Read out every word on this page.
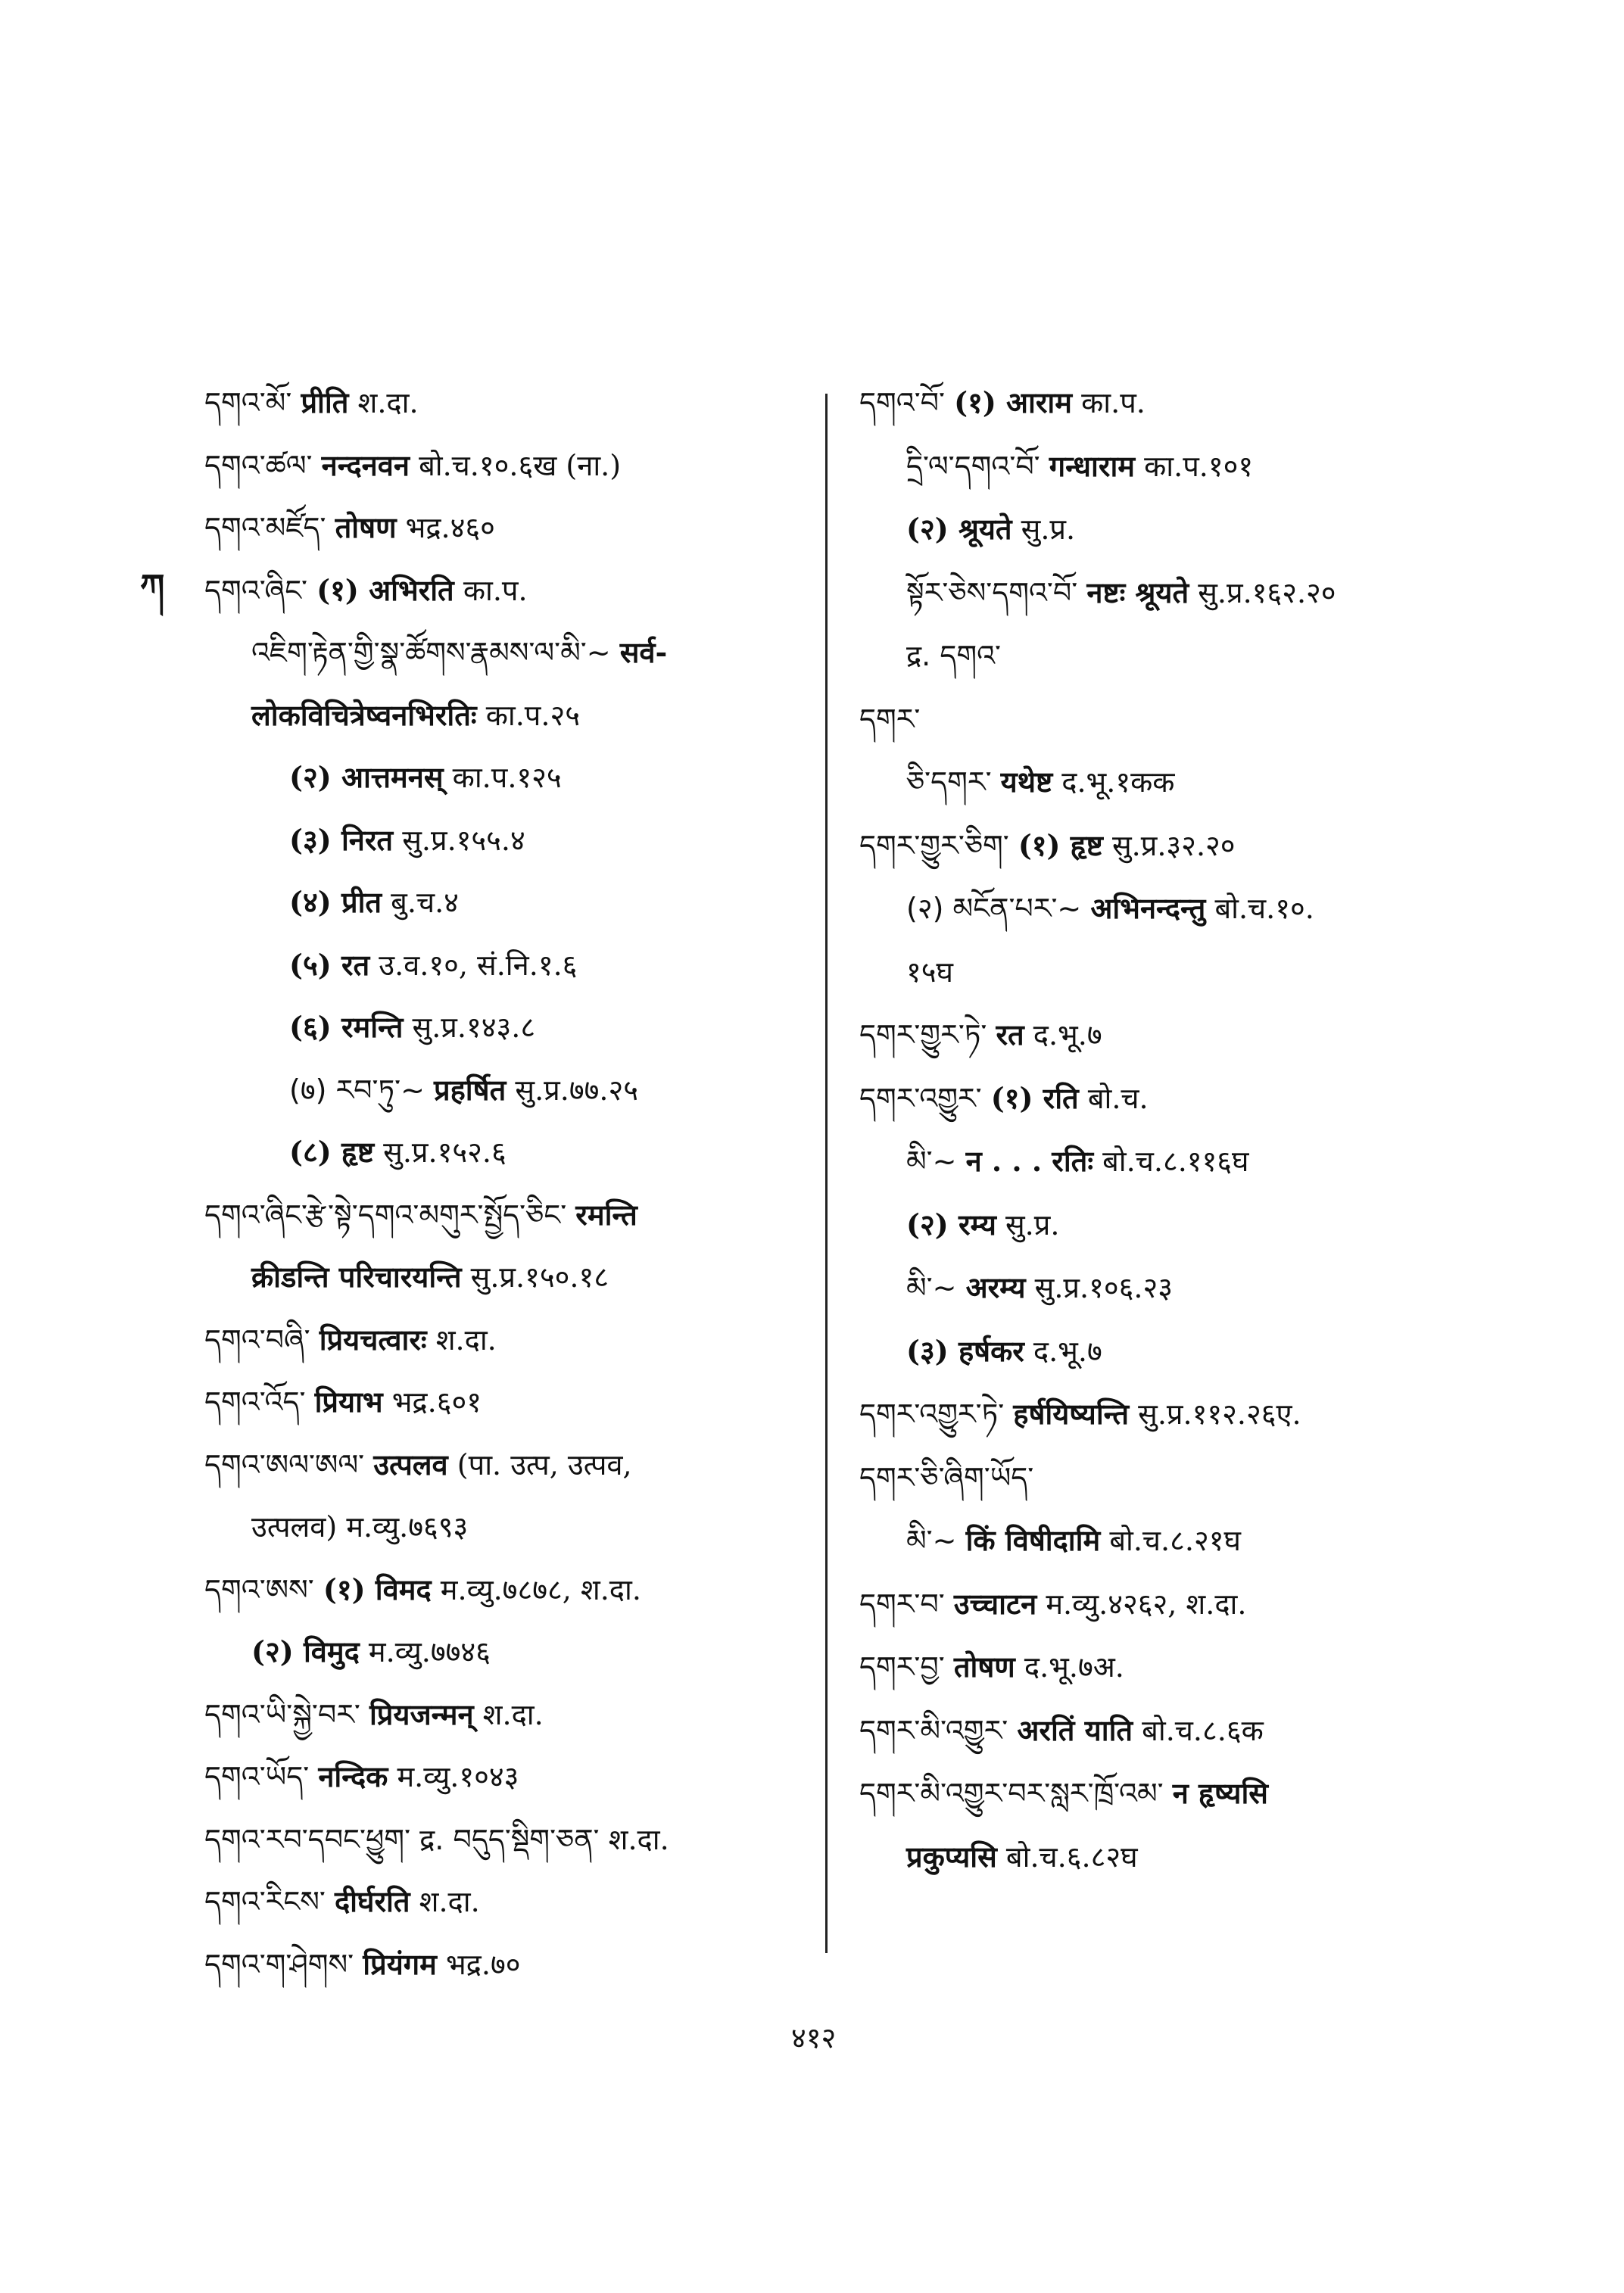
ཀ
དགའ་མོ་ प्रीति श.दा.
དགའ་ཚལ་ नन्दनवन बो.च.१०.६ख (ना.)
དགའ་མཛོད་ तोषण भद्र.४६०
དགའ་ཞིང་ (१) अभिरति का.प.
འཇིག་རྟེན་གྱི་སྣ་ཚོགས་རྣམས་ལ་མི་~ सर्व-
लोकविचित्रेष्वनभिरतिः का.प.२५
(२) आत्तमनस् का.प.१२५
(३) निरत सु.प्र.१५५.४
(४) प्रीत बु.च.४
(५) रत उ.व.१०, सं.नि.१.६
(६) रमन्ति सु.प्र.१४३.८
(७) རབ་ཏུ་~ प्रहर्षित सु.प्र.७७.२५
(८) हृष्ट सु.प्र.१५२.६
དགའ་ཞིང་རྩེ་སྟེ་དགའ་མགུར་སྤྱོད་ཅིང་ रमन्ति
क्रीडन्ति परिचारयन्ति सु.प्र.१५०.१८
དགའ་བཞི་ प्रियचत्वारः श.दा.
དགའ་འོད་ प्रियाभ भद्र.६०१
དགའ་ཨལ་ཨལ་ उत्पलव (पा. उत्प, उत्पव,
उत्पलव) म.व्यु.७६९३
དགའ་ཨས་ (१) विमद म.व्यु.७८७८, श.दा.
(२) विमुद म.व्यु.७७४६
དགའ་ཡི་སྐྱེ་བར་ प्रियजन्मन् श.दा.
དགའ་ཡོད་ नन्दिक म.व्यु.१०४३
དགའ་རབ་དབང་ཕྱུག་ द्र. བདུད་སྡིག་ཅན་ श.दा.
དགའ་རིངས་ दीर्घरति श.दा.
དགའ་ག་ཤེགས་ प्रियंगम भद्र.७०
དགའ་བོ་ (१) आराम का.प.
དྲི་ལ་དགའ་བོ་ गन्धाराम का.प.१०१
(२) श्रूयते सु.प्र.
སྟོར་ཅེས་དགའ་བོ་ नष्टः श्रूयते सु.प्र.१६२.२०
द्र. དགའ་
དགར་
ཅི་དགར་ यथेष्ट द.भू.१कक
དགར་གྱུར་ཅིག་ (१) हृष्ट सु.प्र.३२.२०
(२) མངོན་པར་~ अभिनन्दन्तु बो.च.१०.
१५घ
དགར་གྱུར་ཏེ་ रत द.भू.७
དགར་འགྱུར་ (१) रति बो.च.
མི་~ न . . . रतिः बो.च.८.११६घ
(२) रम्य सु.प्र.
མི་~ अरम्य सु.प्र.१०६.२३
(३) हर्षकर द.भू.७
དགར་འགྱུར་ཏེ་ हर्षयिष्यन्ति सु.प्र.११२.२६ए.
དགར་ཅི་ཞིག་ཡོད་
མི་~ किं विषीदामि बो.च.८.२१घ
དགར་བ་ उच्चाटन म.व्यु.४२६२, श.दा.
དགར་བྱ་ तोषण द.भू.७अ.
དགར་མི་འགྱུར་ अरतिं याति बो.च.८.६क
དགར་མི་འགྱུར་བར་སླར་ཁྲོ་འམ་ न हृष्यसि
प्रकुप्यसि बो.च.६.८२घ
४१२
